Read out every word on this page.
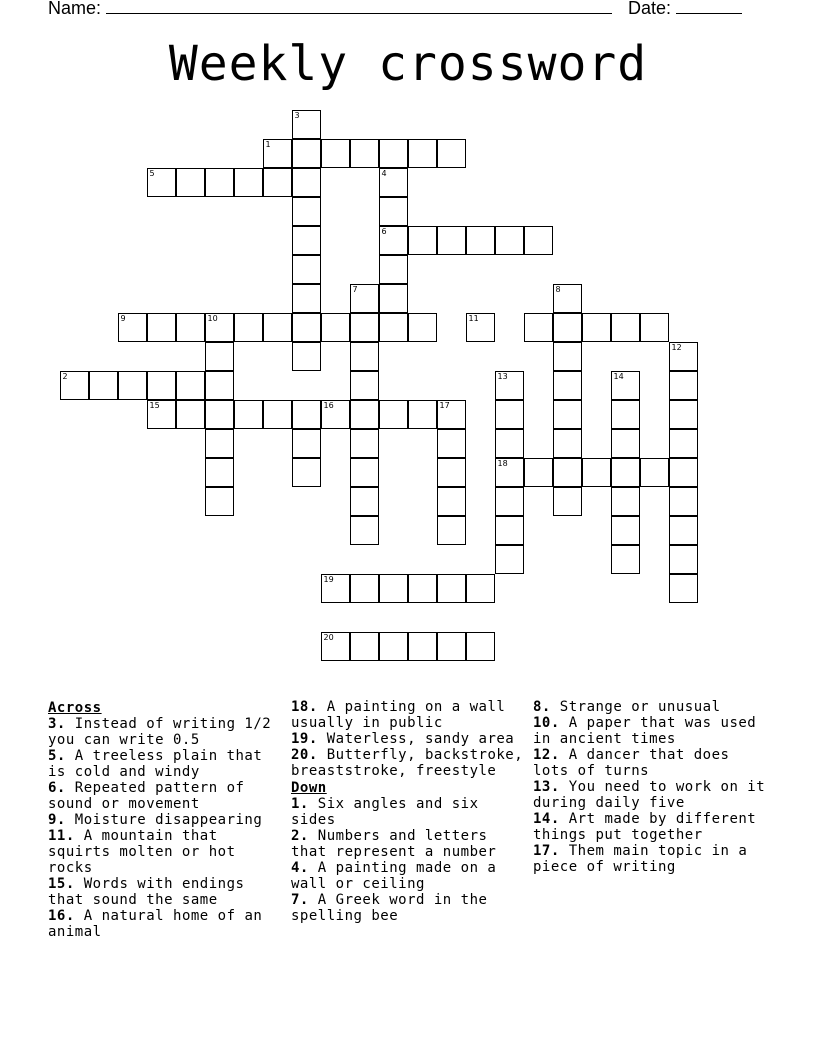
Name:	Date:
Weekly crossword
1
2
3
4
5
6
7	8
9	10	11
12
13	14
15	16	17
18
19
20
Across
3. Instead of writing 1/2 you can write 0.5
5. A treeless plain that is cold and windy
6. Repeated pattern of sound or movement
9. Moisture disappearing
11. A mountain that squirts molten or hot rocks
15. Words with endings that sound the same
16. A natural home of an animal
18. A painting on a wall usually in public
19. Waterless, sandy area
20. Butterfly, backstroke, breaststroke, freestyle
Down
1. Six angles and six sides
2. Numbers and letters that represent a number
4. A painting made on a wall or ceiling
7. A Greek word in the spelling bee
8. Strange or unusual
10. A paper that was used in ancient times
12. A dancer that does lots of turns
13. You need to work on it during daily five
14. Art made by different things put together
17. Them main topic in a piece of writing
